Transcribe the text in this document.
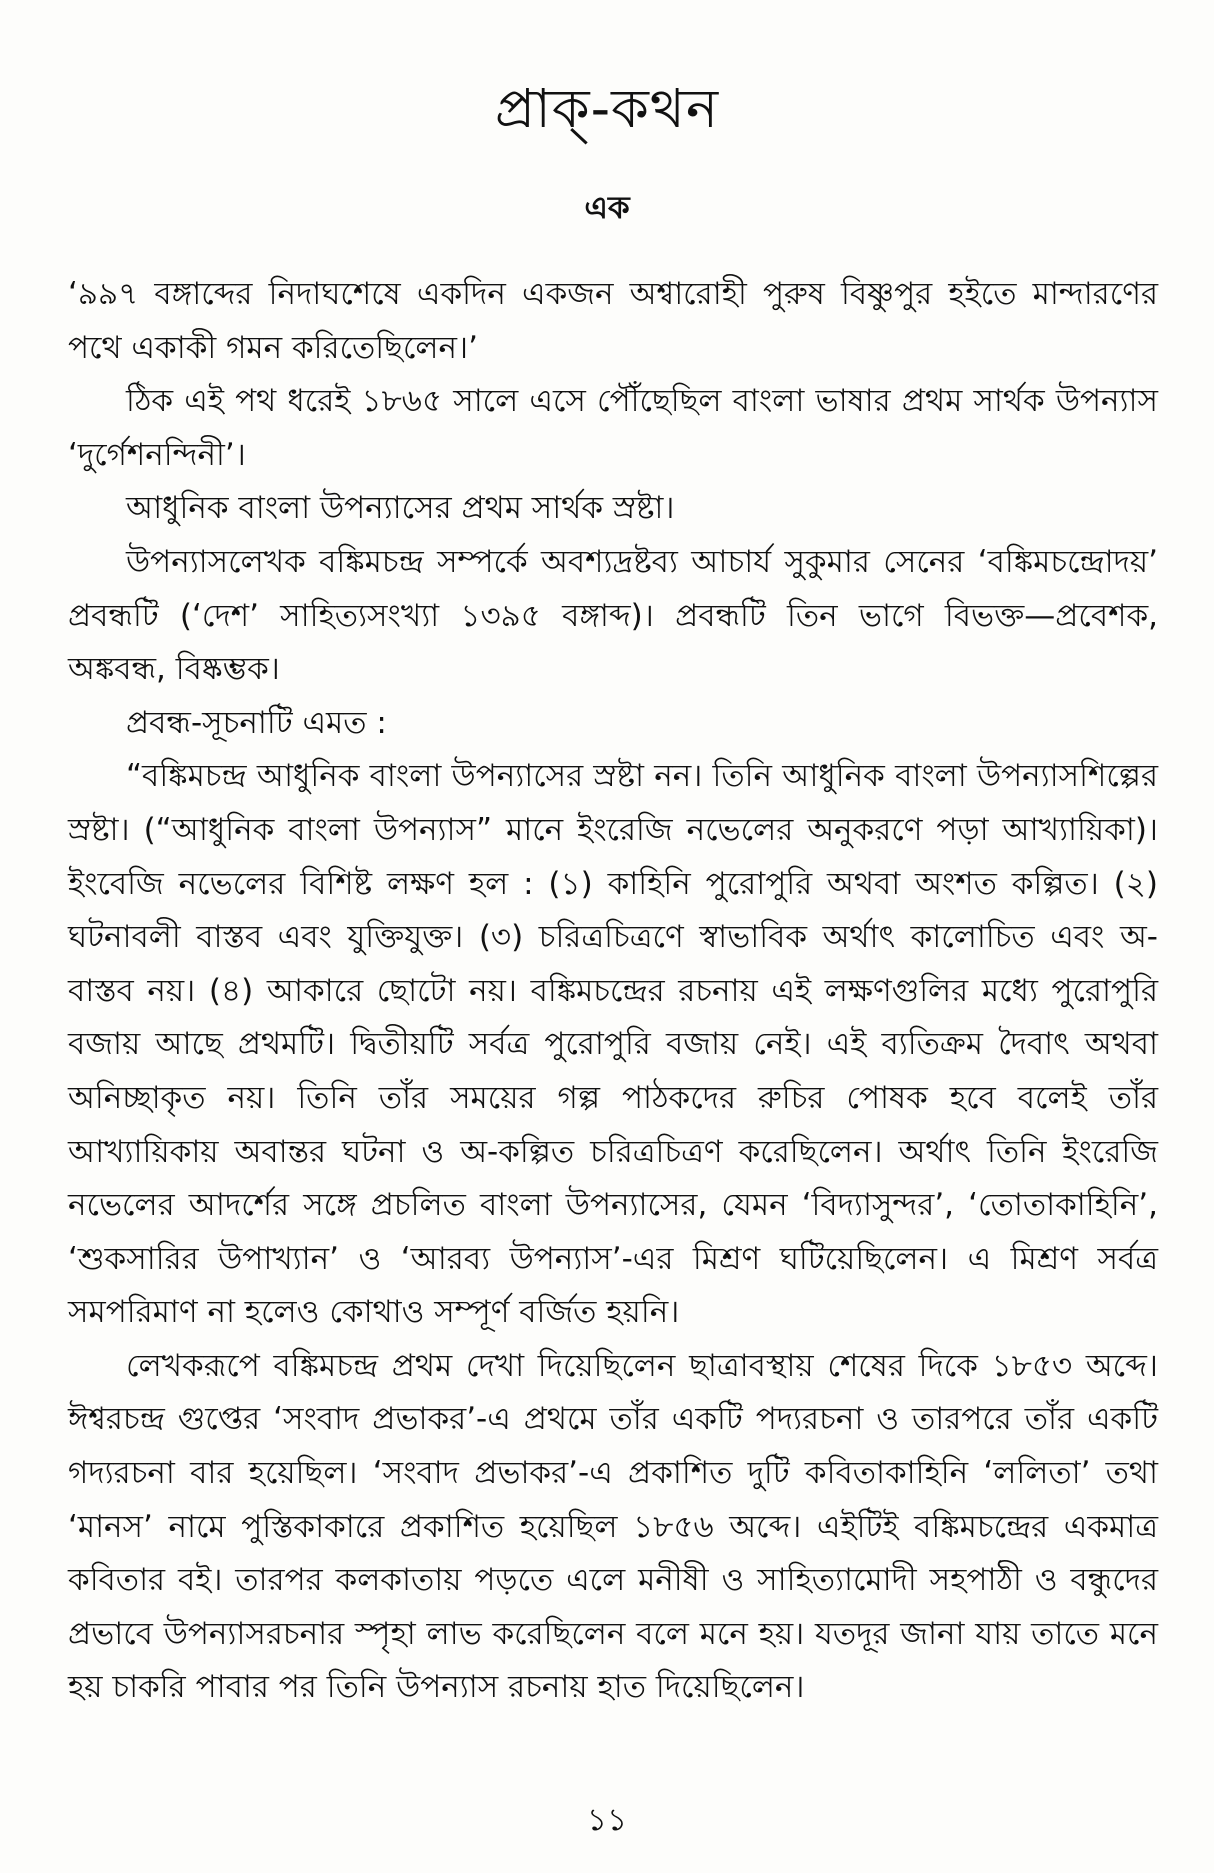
প্রাক্‌-কথন
এক

‘৯৯৭ বঙ্গাব্দের নিদাঘশেষে একদিন একজন অশ্বারোহী পুরুষ বিষ্ণুপুর হইতে মান্দারণের পথে একাকী গমন করিতেছিলেন।’

ঠিক এই পথ ধরেই ১৮৬৫ সালে এসে পৌঁছেছিল বাংলা ভাষার প্রথম সার্থক উপন্যাস ‘দুর্গেশনন্দিনী’।

আধুনিক বাংলা উপন্যাসের প্রথম সার্থক স্রষ্টা।

উপন্যাসলেখক বঙ্কিমচন্দ্র সম্পর্কে অবশ্যদ্রষ্টব্য আচার্য সুকুমার সেনের ‘বঙ্কিমচন্দ্রোদয়’ প্রবন্ধটি (‘দেশ’ সাহিত্যসংখ্যা ১৩৯৫ বঙ্গাব্দ)। প্রবন্ধটি তিন ভাগে বিভক্ত—প্রবেশক, অঙ্কবন্ধ, বিষ্কম্ভক।

প্রবন্ধ-সূচনাটি এমত :

“বঙ্কিমচন্দ্র আধুনিক বাংলা উপন্যাসের স্রষ্টা নন। তিনি আধুনিক বাংলা উপন্যাসশিল্পের স্রষ্টা। (“আধুনিক বাংলা উপন্যাস” মানে ইংরেজি নভেলের অনুকরণে পড়া আখ্যায়িকা)। ইংবেজি নভেলের বিশিষ্ট লক্ষণ হল : (১) কাহিনি পুরোপুরি অথবা অংশত কল্পিত। (২) ঘটনাবলী বাস্তব এবং যুক্তিযুক্ত। (৩) চরিত্রচিত্রণে স্বাভাবিক অর্থাৎ কালোচিত এবং অ-বাস্তব নয়। (৪) আকারে ছোটো নয়। বঙ্কিমচন্দ্রের রচনায় এই লক্ষণগুলির মধ্যে পুরোপুরি বজায় আছে প্রথমটি। দ্বিতীয়টি সর্বত্র পুরোপুরি বজায় নেই। এই ব্যতিক্রম দৈবাৎ অথবা অনিচ্ছাকৃত নয়। তিনি তাঁর সময়ের গল্প পাঠকদের রুচির পোষক হবে বলেই তাঁর আখ্যায়িকায় অবান্তর ঘটনা ও অ-কল্পিত চরিত্রচিত্রণ করেছিলেন। অর্থাৎ তিনি ইংরেজি নভেলের আদর্শের সঙ্গে প্রচলিত বাংলা উপন্যাসের, যেমন ‘বিদ্যাসুন্দর’, ‘তোতাকাহিনি’, ‘শুকসারির উপাখ্যান’ ও ‘আরব্য উপন্যাস’-এর মিশ্রণ ঘটিয়েছিলেন। এ মিশ্রণ সর্বত্র সমপরিমাণ না হলেও কোথাও সম্পূর্ণ বর্জিত হয়নি।

লেখকরূপে বঙ্কিমচন্দ্র প্রথম দেখা দিয়েছিলেন ছাত্রাবস্থায় শেষের দিকে ১৮৫৩ অব্দে। ঈশ্বরচন্দ্র গুপ্তের ‘সংবাদ প্রভাকর’-এ প্রথমে তাঁর একটি পদ্যরচনা ও তারপরে তাঁর একটি গদ্যরচনা বার হয়েছিল। ‘সংবাদ প্রভাকর’-এ প্রকাশিত দুটি কবিতাকাহিনি ‘ললিতা’ তথা ‘মানস’ নামে পুস্তিকাকারে প্রকাশিত হয়েছিল ১৮৫৬ অব্দে। এইটিই বঙ্কিমচন্দ্রের একমাত্র কবিতার বই। তারপর কলকাতায় পড়তে এলে মনীষী ও সাহিত্যামোদী সহপাঠী ও বন্ধুদের প্রভাবে উপন্যাসরচনার স্পৃহা লাভ করেছিলেন বলে মনে হয়। যতদূর জানা যায় তাতে মনে হয় চাকরি পাবার পর তিনি উপন্যাস রচনায় হাত দিয়েছিলেন।

১১
